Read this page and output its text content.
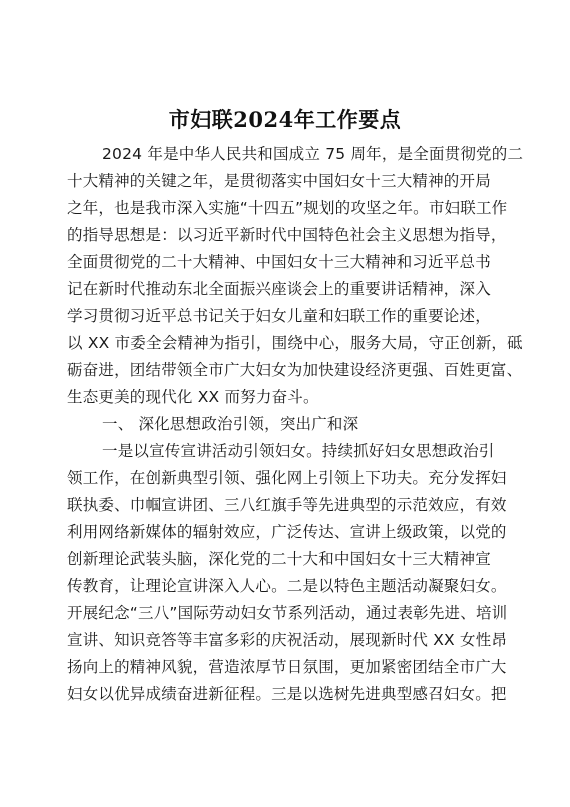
市妇联2024年工作要点
2024 年是中华人民共和国成立 75 周年，是全面贯彻党的二
十大精神的关键之年，是贯彻落实中国妇女十三大精神的开局
之年，也是我市深入实施“十四五”规划的攻坚之年。市妇联工作
的指导思想是：以习近平新时代中国特色社会主义思想为指导，
全面贯彻党的二十大精神、中国妇女十三大精神和习近平总书
记在新时代推动东北全面振兴座谈会上的重要讲话精神，深入
学习贯彻习近平总书记关于妇女儿童和妇联工作的重要论述，
以 XX 市委全会精神为指引，围绕中心，服务大局，守正创新，砥
砺奋进，团结带领全市广大妇女为加快建设经济更强、百姓更富、
生态更美的现代化 XX 而努力奋斗。
一、 深化思想政治引领，突出广和深
一是以宣传宣讲活动引领妇女。持续抓好妇女思想政治引
领工作，在创新典型引领、强化网上引领上下功夫。充分发挥妇
联执委、巾帼宣讲团、三八红旗手等先进典型的示范效应，有效
利用网络新媒体的辐射效应，广泛传达、宣讲上级政策，以党的
创新理论武装头脑，深化党的二十大和中国妇女十三大精神宣
传教育，让理论宣讲深入人心。二是以特色主题活动凝聚妇女。
开展纪念“三八”国际劳动妇女节系列活动，通过表彰先进、培训
宣讲、知识竞答等丰富多彩的庆祝活动，展现新时代 XX 女性昂
扬向上的精神风貌，营造浓厚节日氛围，更加紧密团结全市广大
妇女以优异成绩奋进新征程。三是以选树先进典型感召妇女。把
